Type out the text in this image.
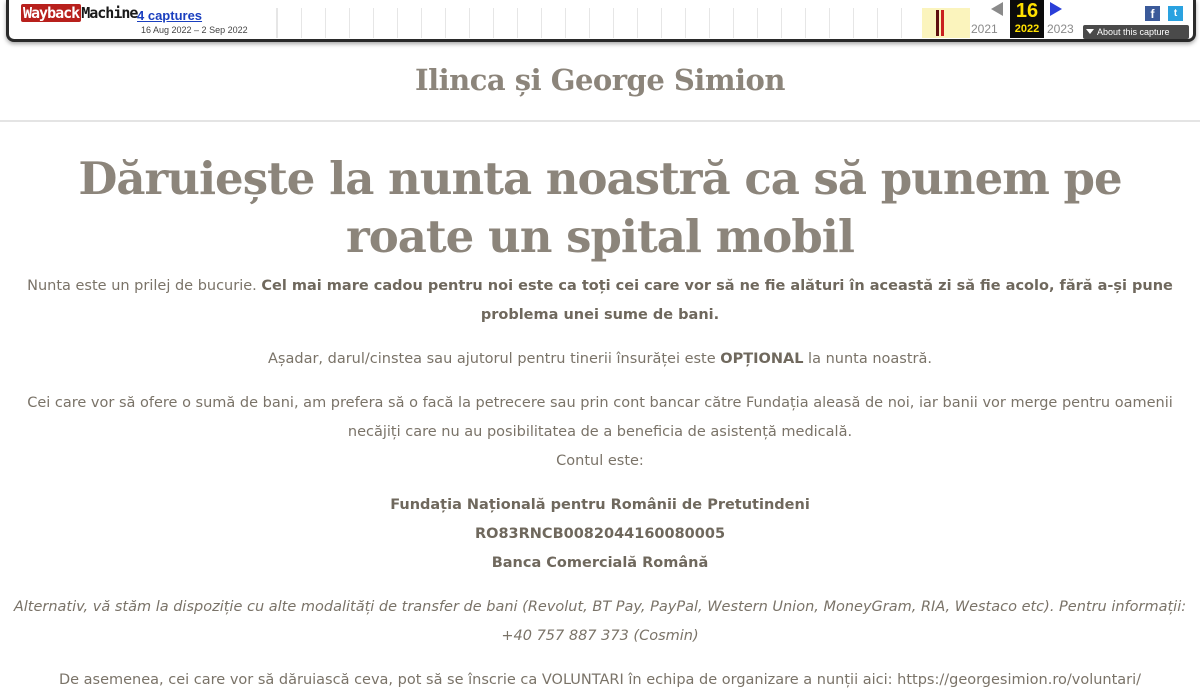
Wayback Machine 4 captures
16 Aug 2022 – 2 Sep 2022	2021
16
2022 2023
f	t
About this capture
Ilinca și George Simion
Dăruiește la nunta noastră ca să punem pe roate un spital mobil

Nunta este un prilej de bucurie. Cel mai mare cadou pentru noi este ca toți cei care vor să ne fie alături în această zi să fie acolo, fără a-și pune problema unei sume de bani.

Așadar, darul/cinstea sau ajutorul pentru tinerii însurăței este OPȚIONAL la nunta noastră.

Cei care vor să ofere o sumă de bani, am prefera să o facă la petrecere sau prin cont bancar către Fundația aleasă de noi, iar banii vor merge pentru oamenii necăjiți care nu au posibilitatea de a beneficia de asistență medicală.

Contul este:

Fundația Națională pentru Românii de Pretutindeni
RO83RNCB0082044160080005
Banca Comercială Română

Alternativ, vă stăm la dispoziție cu alte modalități de transfer de bani (Revolut, BT Pay, PayPal, Western Union, MoneyGram, RIA, Westaco etc). Pentru informații: +40 757 887 373 (Cosmin)

De asemenea, cei care vor să dăruiască ceva, pot să se înscrie ca VOLUNTARI în echipa de organizare a nunții aici: https://georgesimion.ro/voluntari/
